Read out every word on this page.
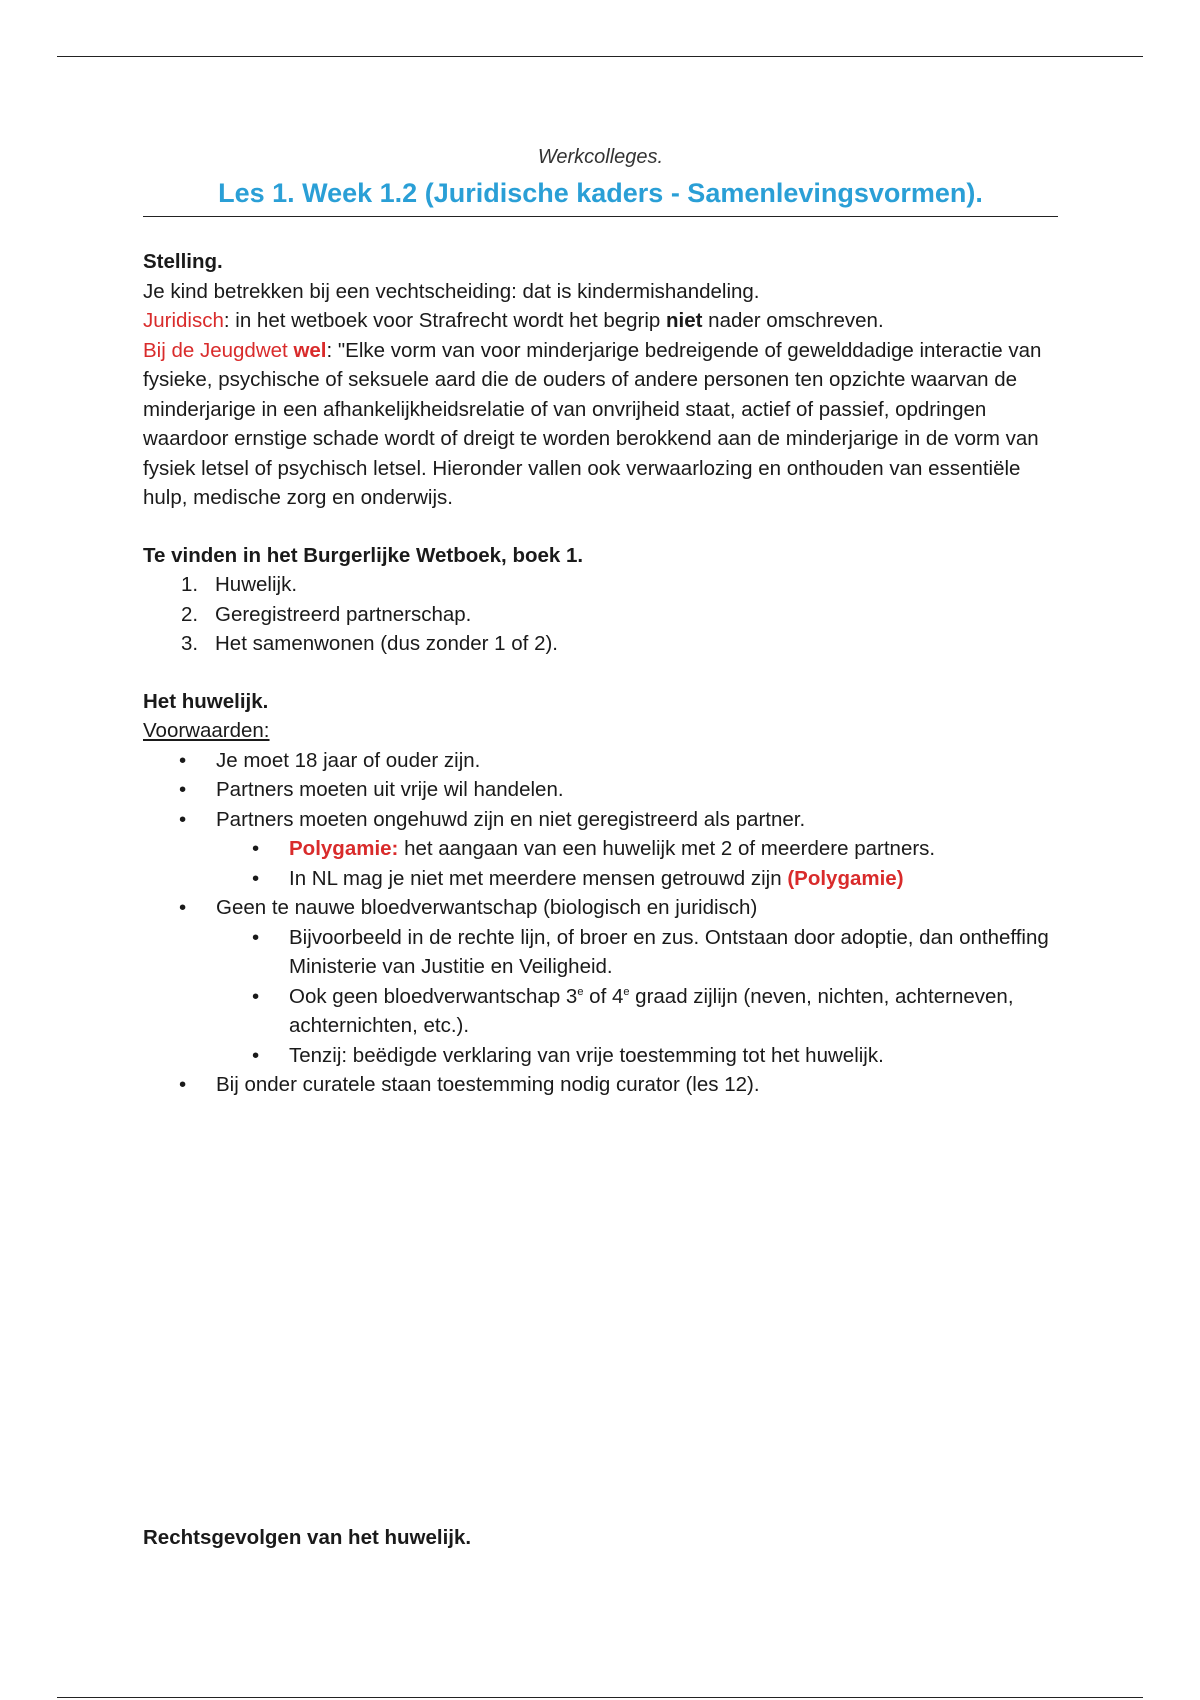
Werkcolleges.
Les 1. Week 1.2 (Juridische kaders - Samenlevingsvormen).
Stelling.
Je kind betrekken bij een vechtscheiding: dat is kindermishandeling.
Juridisch: in het wetboek voor Strafrecht wordt het begrip niet nader omschreven.
Bij de Jeugdwet wel: "Elke vorm van voor minderjarige bedreigende of gewelddadige interactie van fysieke, psychische of seksuele aard die de ouders of andere personen ten opzichte waarvan de minderjarige in een afhankelijkheidsrelatie of van onvrijheid staat, actief of passief, opdringen waardoor ernstige schade wordt of dreigt te worden berokkend aan de minderjarige in de vorm van fysiek letsel of psychisch letsel. Hieronder vallen ook verwaarlozing en onthouden van essentiële hulp, medische zorg en onderwijs.
Te vinden in het Burgerlijke Wetboek, boek 1.
1. Huwelijk.
2. Geregistreerd partnerschap.
3. Het samenwonen (dus zonder 1 of 2).
Het huwelijk.
Voorwaarden:
• Je moet 18 jaar of ouder zijn.
• Partners moeten uit vrije wil handelen.
• Partners moeten ongehuwd zijn en niet geregistreerd als partner.
• Polygamie: het aangaan van een huwelijk met 2 of meerdere partners.
• In NL mag je niet met meerdere mensen getrouwd zijn (Polygamie)
• Geen te nauwe bloedverwantschap (biologisch en juridisch)
• Bijvoorbeeld in de rechte lijn, of broer en zus. Ontstaan door adoptie, dan ontheffing Ministerie van Justitie en Veiligheid.
• Ook geen bloedverwantschap 3e of 4e graad zijlijn (neven, nichten, achterneven, achternichten, etc.).
• Tenzij: beëdigde verklaring van vrije toestemming tot het huwelijk.
• Bij onder curatele staan toestemming nodig curator (les 12).
Rechtsgevolgen van het huwelijk.
